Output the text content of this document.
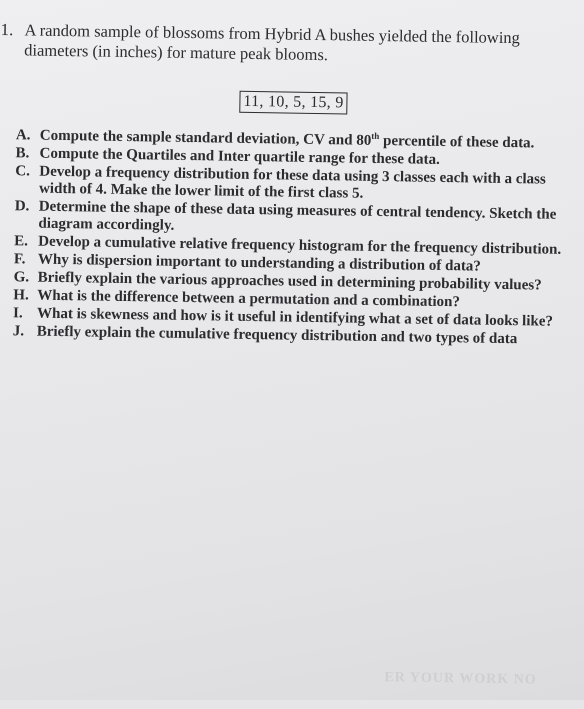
1. A random sample of blossoms from Hybrid A bushes yielded the following diameters (in inches) for mature peak blooms.
11, 10, 5, 15, 9
A. Compute the sample standard deviation, CV and 80th percentile of these data.
B. Compute the Quartiles and Inter quartile range for these data.
C. Develop a frequency distribution for these data using 3 classes each with a class width of 4. Make the lower limit of the first class 5.
D. Determine the shape of these data using measures of central tendency. Sketch the diagram accordingly.
E. Develop a cumulative relative frequency histogram for the frequency distribution.
F. Why is dispersion important to understanding a distribution of data?
G. Briefly explain the various approaches used in determining probability values?
H. What is the difference between a permutation and a combination?
I. What is skewness and how is it useful in identifying what a set of data looks like?
J. Briefly explain the cumulative frequency distribution and two types of data
ER YOUR WORK NO
